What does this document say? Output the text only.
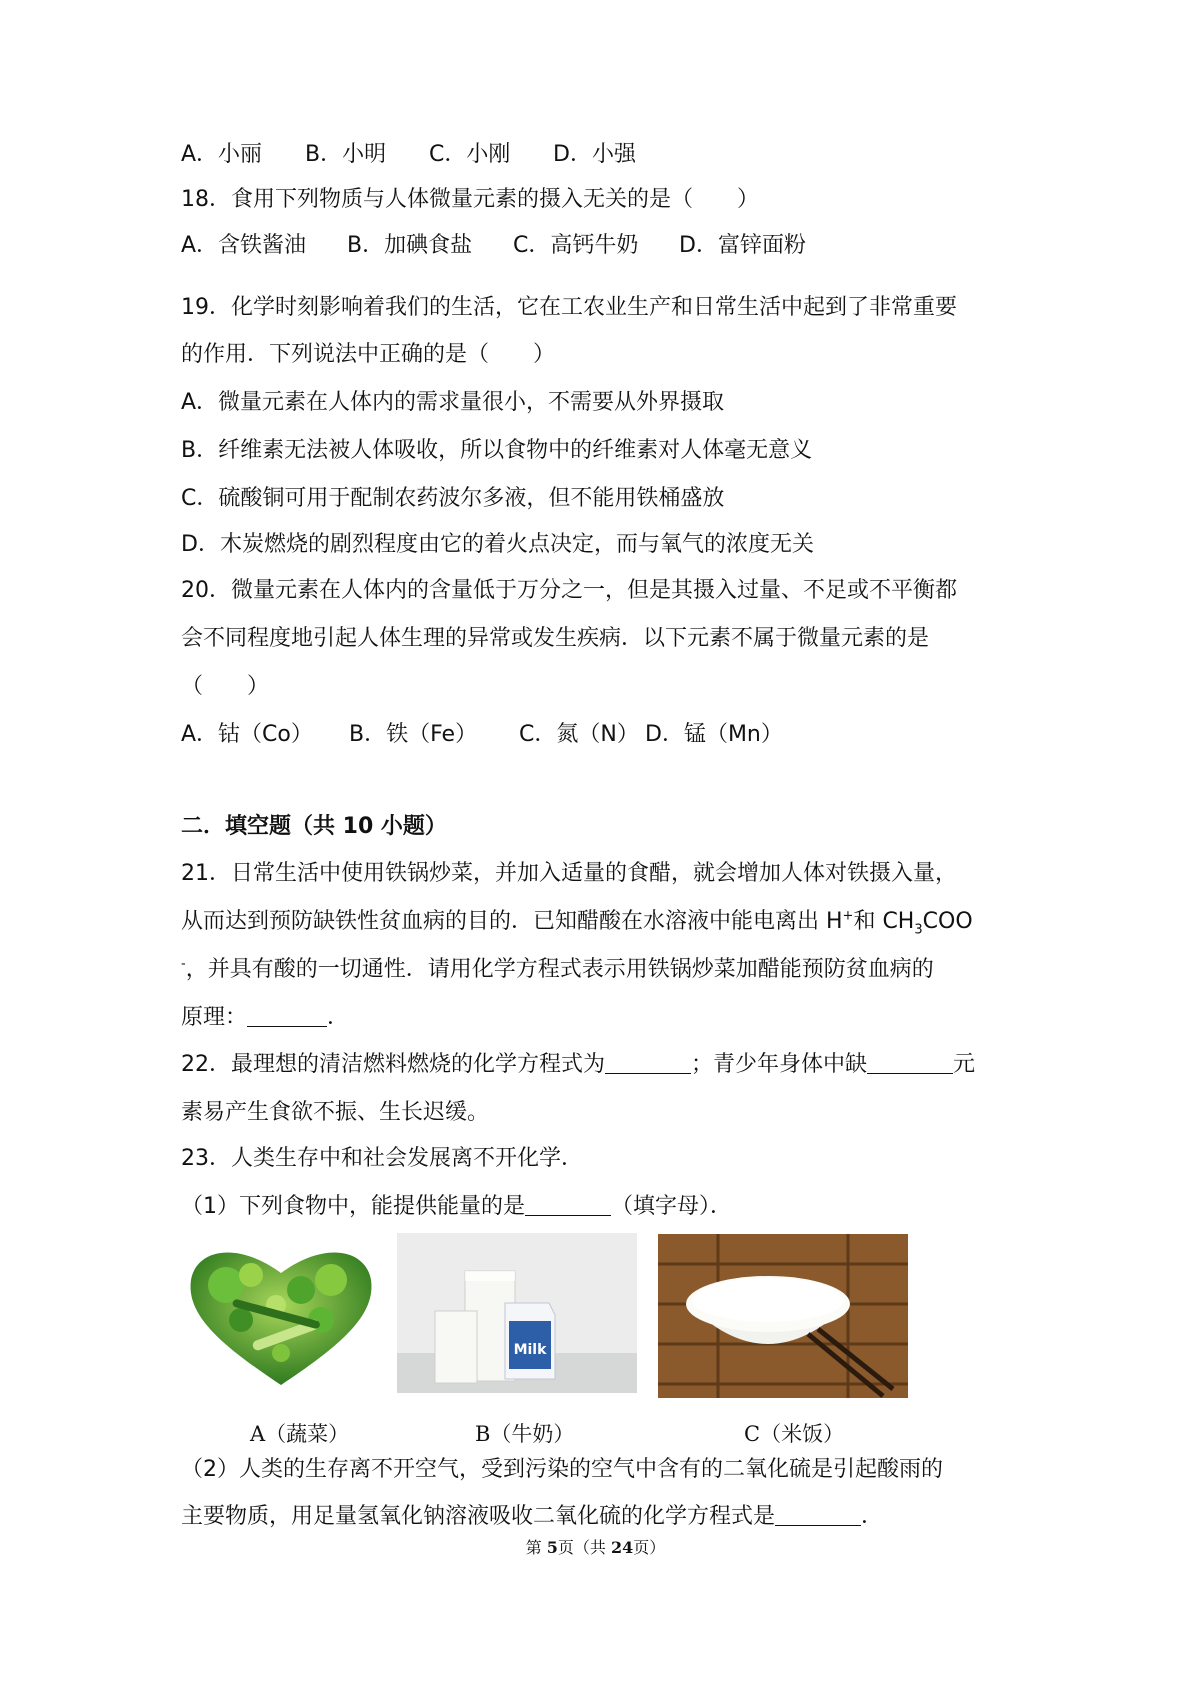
A．小丽 B．小明 C．小刚 D．小强
18．食用下列物质与人体微量元素的摄入无关的是（　　）
A．含铁酱油 B．加碘食盐 C．高钙牛奶 D．富锌面粉
19．化学时刻影响着我们的生活，它在工农业生产和日常生活中起到了非常重要
的作用．下列说法中正确的是（　　）
A．微量元素在人体内的需求量很小，不需要从外界摄取
B．纤维素无法被人体吸收，所以食物中的纤维素对人体毫无意义
C．硫酸铜可用于配制农药波尔多液，但不能用铁桶盛放
D．木炭燃烧的剧烈程度由它的着火点决定，而与氧气的浓度无关
20．微量元素在人体内的含量低于万分之一，但是其摄入过量、不足或不平衡都
会不同程度地引起人体生理的异常或发生疾病．以下元素不属于微量元素的是
（　　）
A．钴（Co） B．铁（Fe） C．氮（N） D．锰（Mn）
二．填空题（共 10 小题）
21．日常生活中使用铁锅炒菜，并加入适量的食醋，就会增加人体对铁摄入量，
从而达到预防缺铁性贫血病的目的．已知醋酸在水溶液中能电离出 H+和 $CH_3COO$
-，并具有酸的一切通性．请用化学方程式表示用铁锅炒菜加醋能预防贫血病的
原理：	．
22．最理想的清洁燃料燃烧的化学方程式为	；青少年身体中缺	元
素易产生食欲不振、生长迟缓。
23．人类生存中和社会发展离不开化学．
（1）下列食物中，能提供能量的是	（填字母）．
Milk
A（蔬菜）	B（牛奶）	C（米饭）
（2）人类的生存离不开空气，受到污染的空气中含有的二氧化硫是引起酸雨的
主要物质，用足量氢氧化钠溶液吸收二氧化硫的化学方程式是	．
第 5页（共 24页）
